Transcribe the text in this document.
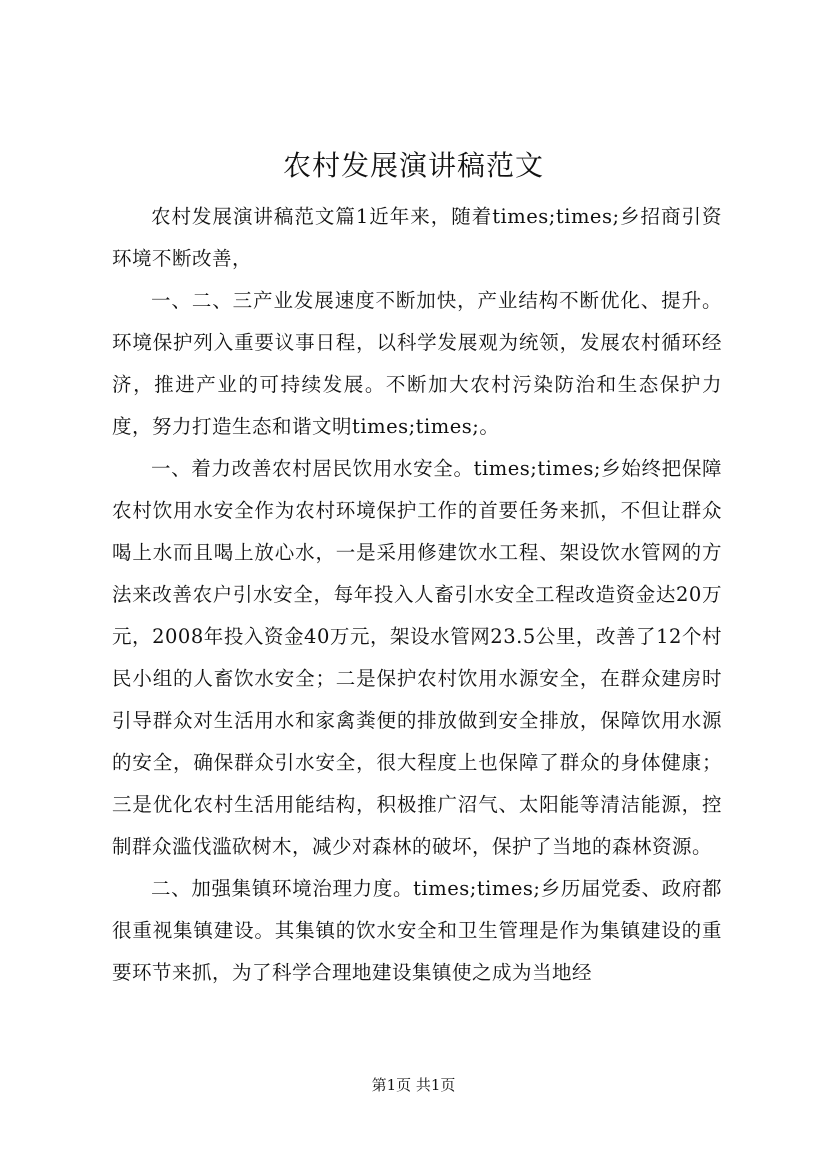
农村发展演讲稿范文

农村发展演讲稿范文篇1近年来，随着times;times;乡招商引资环境不断改善，

一、二、三产业发展速度不断加快，产业结构不断优化、提升。环境保护列入重要议事日程，以科学发展观为统领，发展农村循环经济，推进产业的可持续发展。不断加大农村污染防治和生态保护力度，努力打造生态和谐文明times;times;。

一、着力改善农村居民饮用水安全。times;times;乡始终把保障农村饮用水安全作为农村环境保护工作的首要任务来抓，不但让群众喝上水而且喝上放心水，一是采用修建饮水工程、架设饮水管网的方法来改善农户引水安全，每年投入人畜引水安全工程改造资金达20万元，2008年投入资金40万元，架设水管网23.5公里，改善了12个村民小组的人畜饮水安全；二是保护农村饮用水源安全，在群众建房时引导群众对生活用水和家禽粪便的排放做到安全排放，保障饮用水源的安全，确保群众引水安全，很大程度上也保障了群众的身体健康；三是优化农村生活用能结构，积极推广沼气、太阳能等清洁能源，控制群众滥伐滥砍树木，减少对森林的破坏，保护了当地的森林资源。

二、加强集镇环境治理力度。times;times;乡历届党委、政府都很重视集镇建设。其集镇的饮水安全和卫生管理是作为集镇建设的重要环节来抓，为了科学合理地建设集镇使之成为当地经

第1页 共1页
